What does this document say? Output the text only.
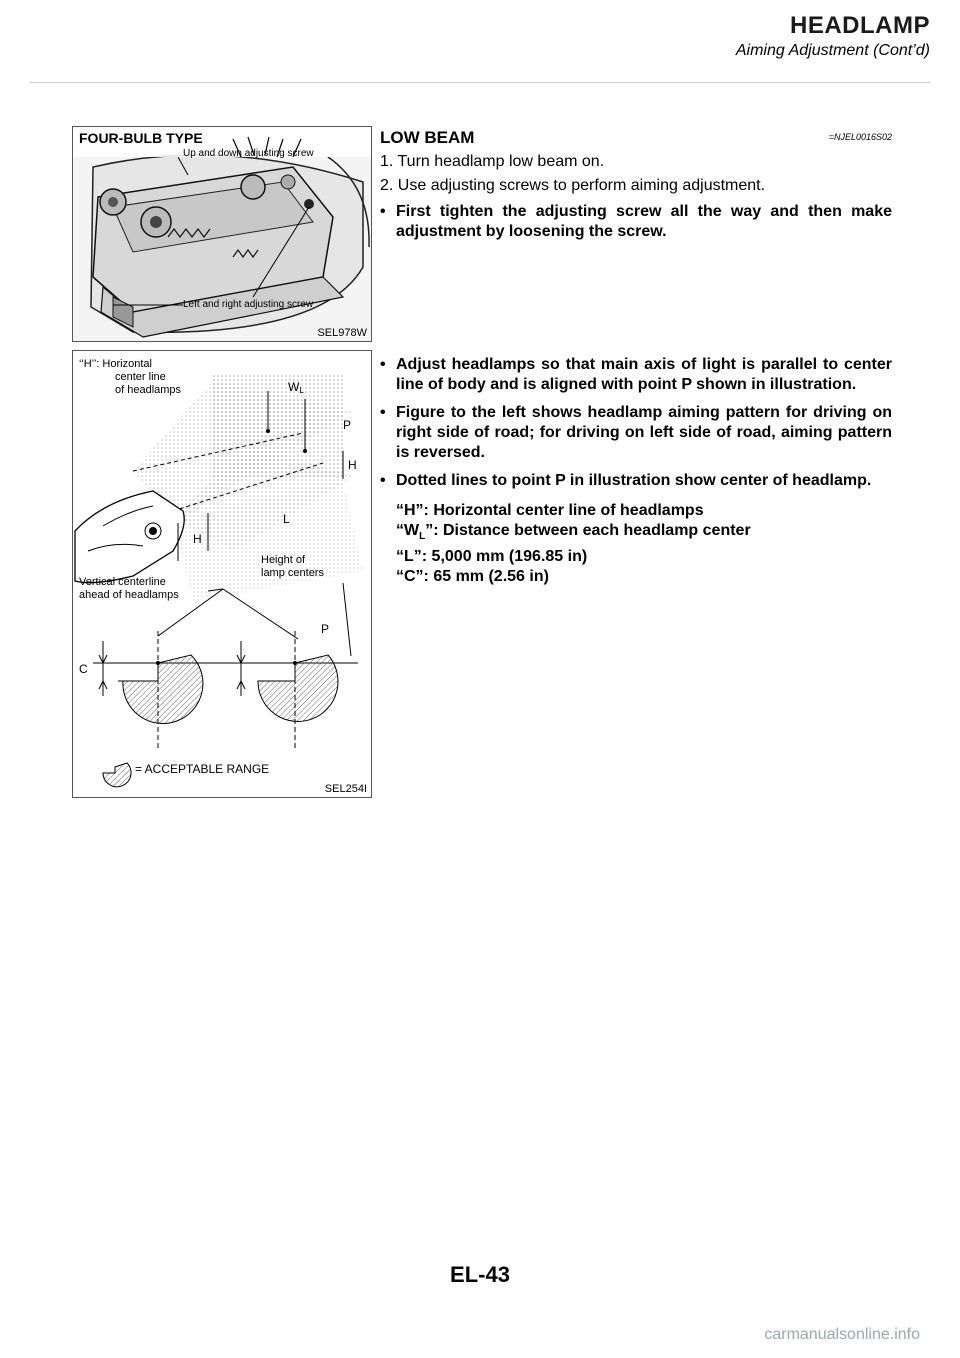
HEADLAMP
Aiming Adjustment (Cont’d)
FOUR-BULB TYPE
Up and down adjusting screw
Left and right adjusting screw
SEL978W
‘‘H’’: Horizontal
center line
of headlamps	WL
P
H
L
H
Height of
lamp centers
Vertical centerline
ahead of headlamps
P
C
= ACCEPTABLE RANGE
SEL254I
LOW BEAM	=NJEL0016S02

1. Turn headlamp low beam on.

2. Use adjusting screws to perform aiming adjustment.

• First tighten the adjusting screw all the way and then make adjustment by loosening the screw.
• Adjust headlamps so that main axis of light is parallel to center line of body and is aligned with point P shown in illustration.
• Figure to the left shows headlamp aiming pattern for driving on right side of road; for driving on left side of road, aiming pattern is reversed.
• Dotted lines to point P in illustration show center of headlamp.
“H”: Horizontal center line of headlamps
“$W_L$”: Distance between each headlamp center
“L”: 5,000 mm (196.85 in)
“C”: 65 mm (2.56 in)
EL-43
carmanualsonline.info
